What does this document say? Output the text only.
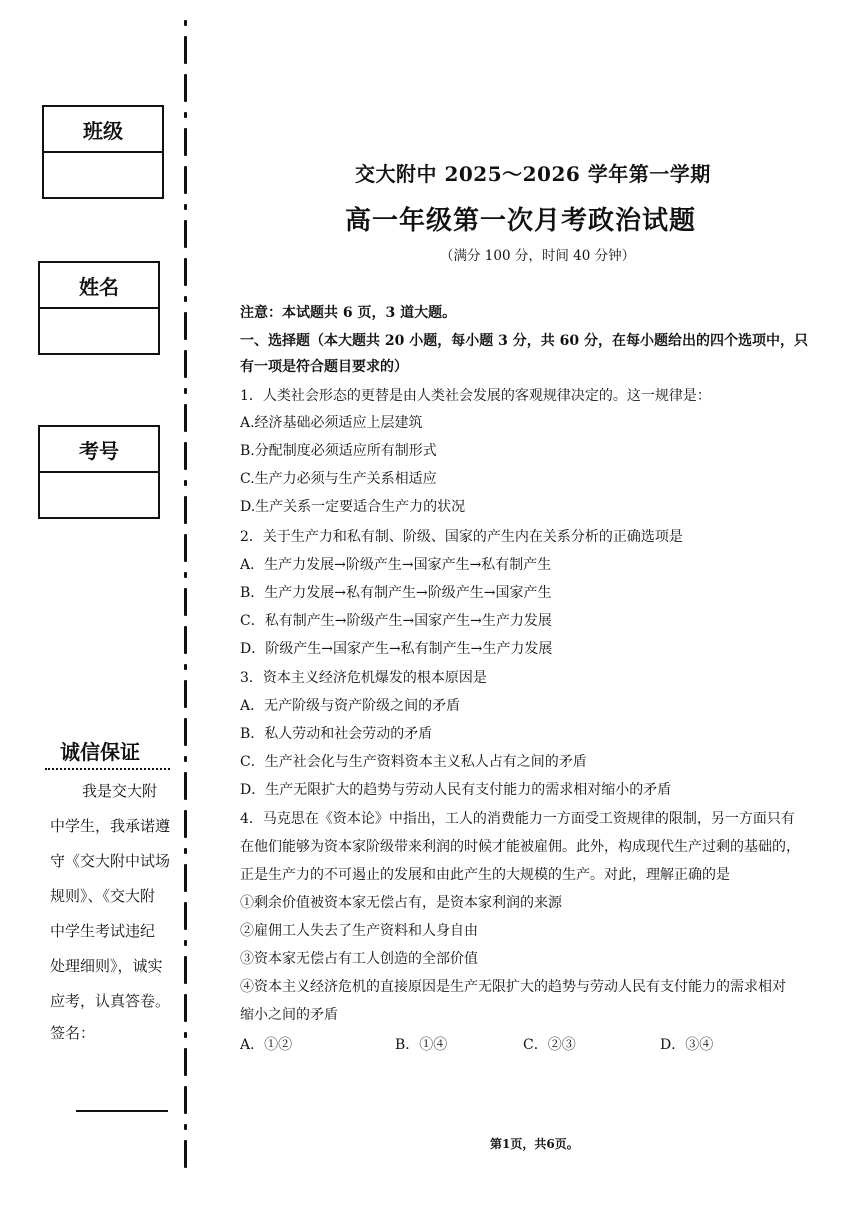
班级
姓名
考号
诚信保证
我是交大附
中学生，我承诺遵
守《交大附中试场
规则》、《交大附
中学生考试违纪
处理细则》，诚实
应考，认真答卷。
签名：
交大附中 2025～2026 学年第一学期
高一年级第一次月考政治试题
（满分 100 分，时间 40 分钟）
注意：本试题共 6 页，3 道大题。
一、选择题（本大题共 20 小题，每小题 3 分，共 60 分，在每小题给出的四个选项中，只
有一项是符合题目要求的）
1．人类社会形态的更替是由人类社会发展的客观规律决定的。这一规律是：
A.经济基础必须适应上层建筑
B.分配制度必须适应所有制形式
C.生产力必须与生产关系相适应
D.生产关系一定要适合生产力的状况
2．关于生产力和私有制、阶级、国家的产生内在关系分析的正确选项是
A．生产力发展→阶级产生→国家产生→私有制产生
B．生产力发展→私有制产生→阶级产生→国家产生
C．私有制产生→阶级产生→国家产生→生产力发展
D．阶级产生→国家产生→私有制产生→生产力发展
3．资本主义经济危机爆发的根本原因是
A．无产阶级与资产阶级之间的矛盾
B．私人劳动和社会劳动的矛盾
C．生产社会化与生产资料资本主义私人占有之间的矛盾
D．生产无限扩大的趋势与劳动人民有支付能力的需求相对缩小的矛盾
4．马克思在《资本论》中指出，工人的消费能力一方面受工资规律的限制，另一方面只有
在他们能够为资本家阶级带来利润的时候才能被雇佣。此外，构成现代生产过剩的基础的，
正是生产力的不可遏止的发展和由此产生的大规模的生产。对此，理解正确的是
①剩余价值被资本家无偿占有，是资本家利润的来源
②雇佣工人失去了生产资料和人身自由
③资本家无偿占有工人创造的全部价值
④资本主义经济危机的直接原因是生产无限扩大的趋势与劳动人民有支付能力的需求相对
缩小之间的矛盾
A．①②	B．①④	C．②③	D．③④
第1页，共6页。
